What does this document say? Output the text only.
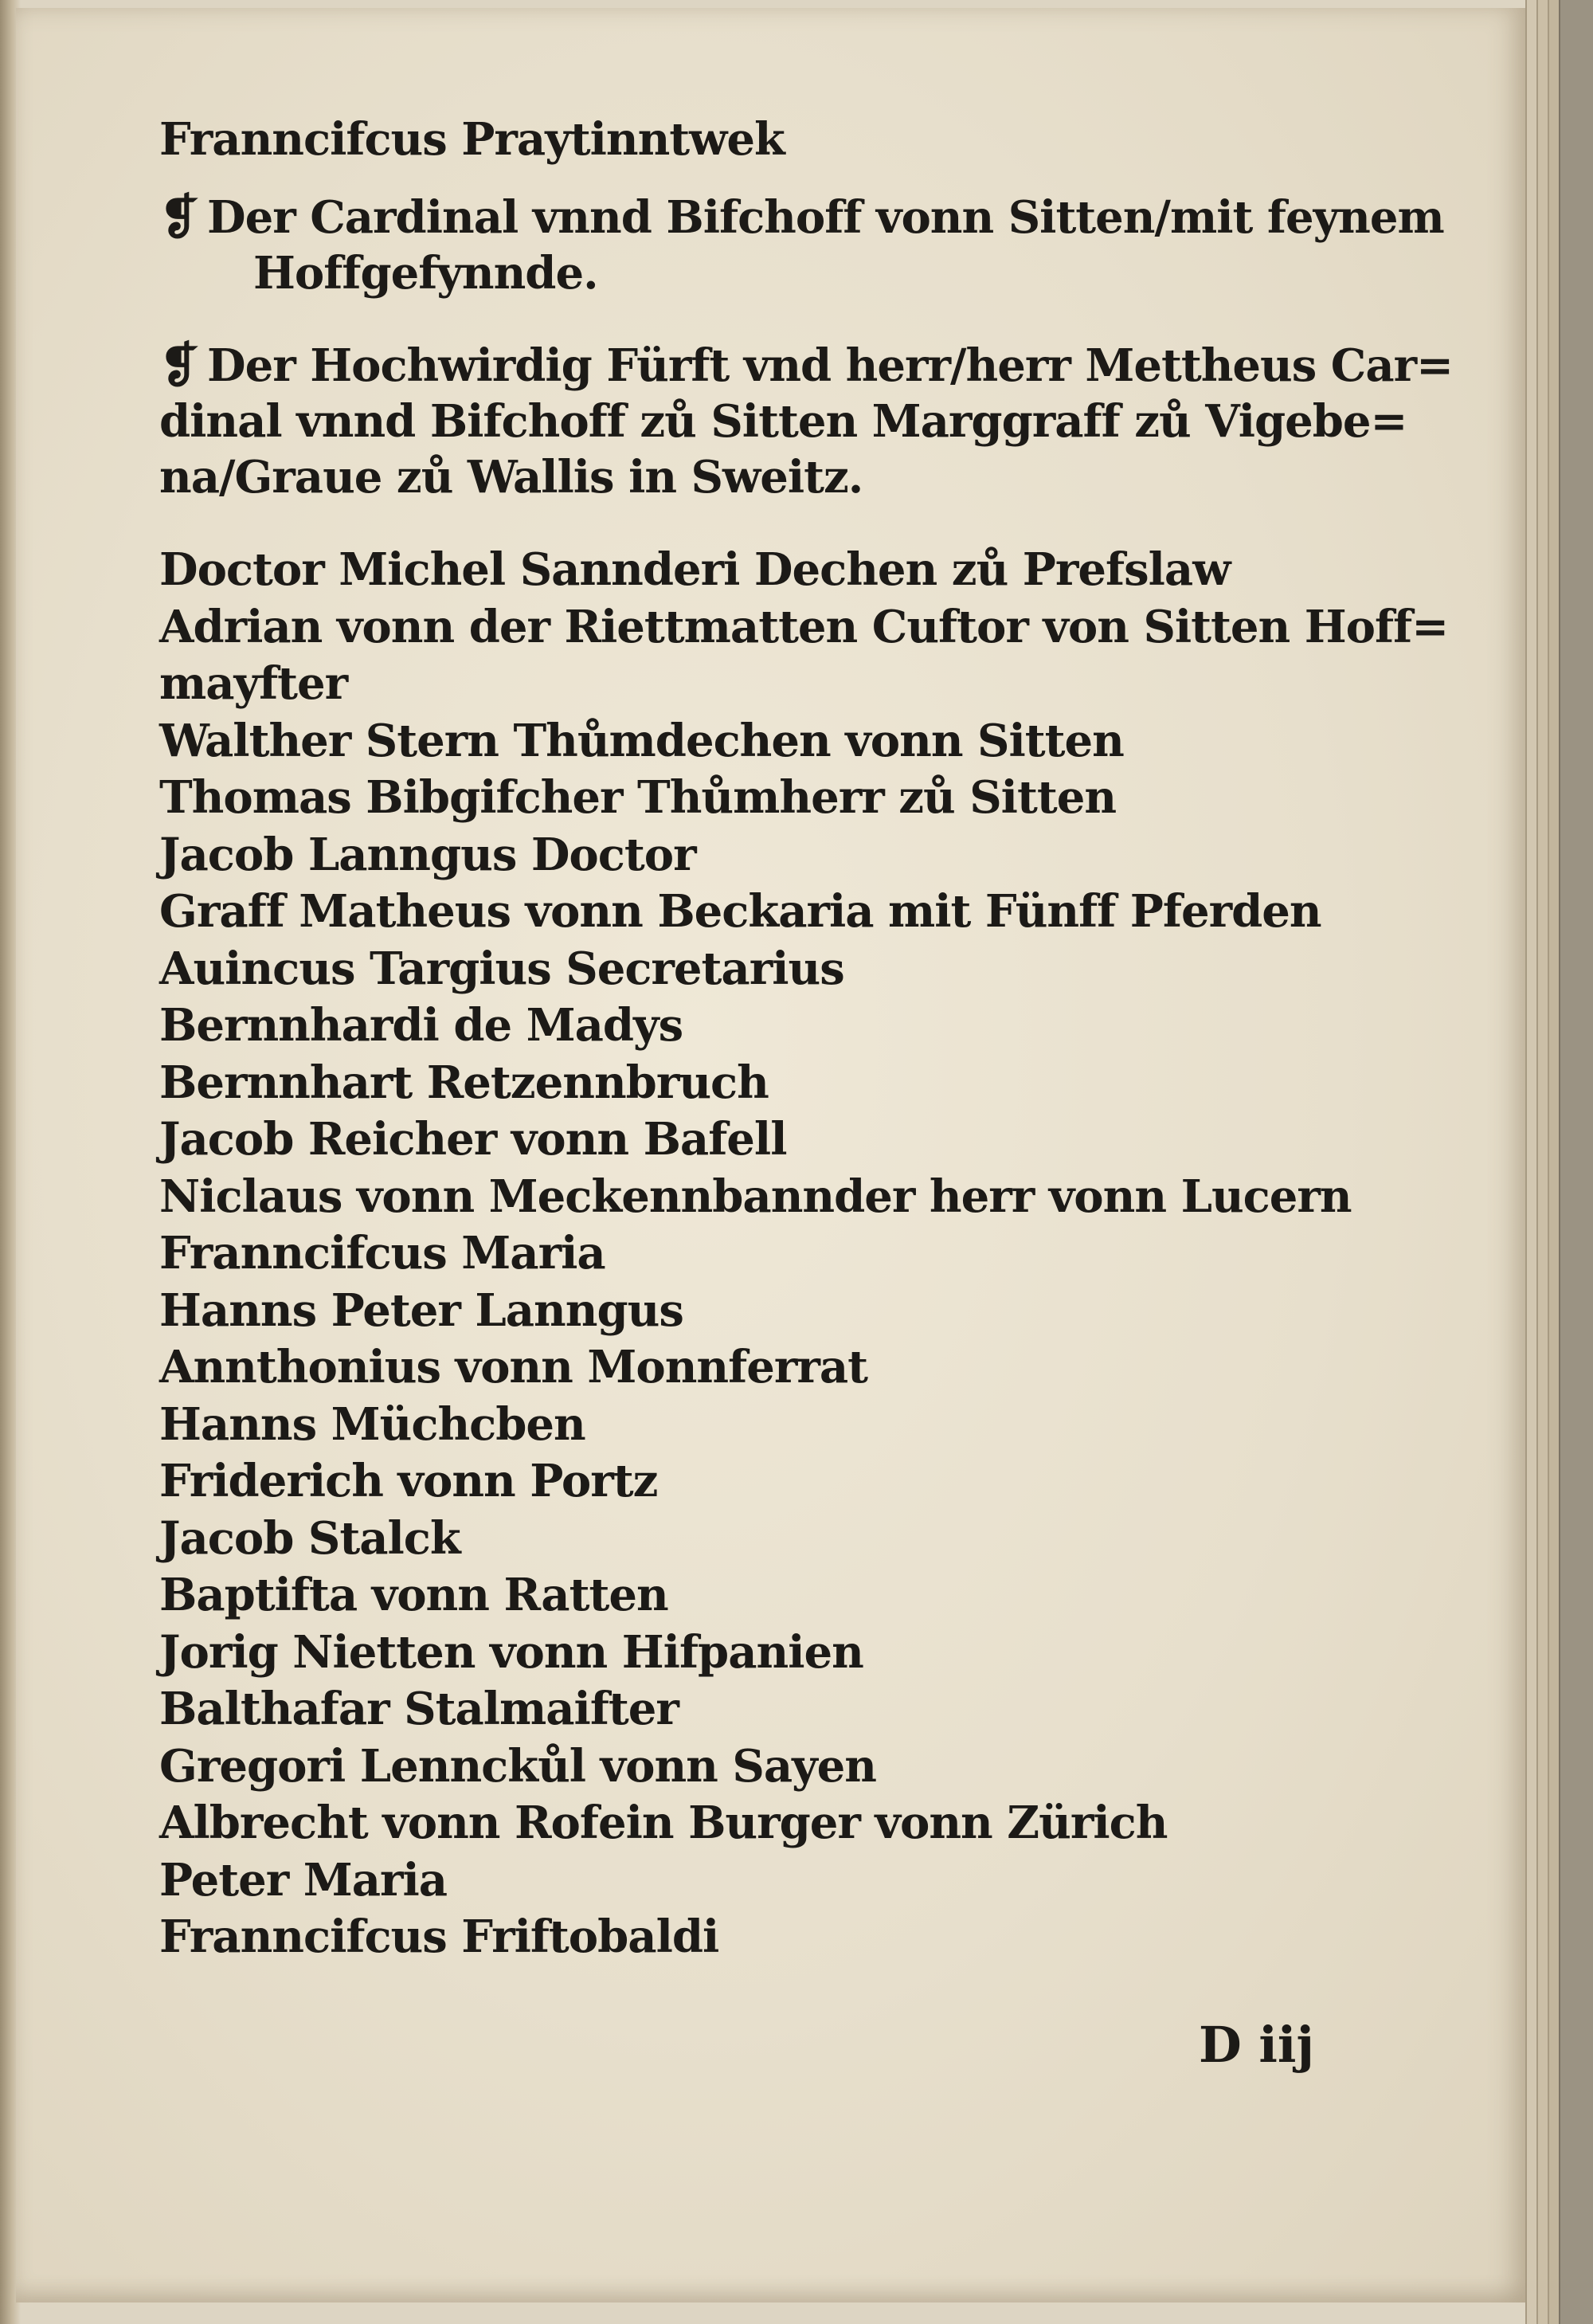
Franncifcus Praytinntwek
❡ Der Cardinal vnnd Bifchoff vonn Sitten/mit feynem
Hoffgefynnde.
❡ Der Hochwirdig Fürft vnd herr/herr Mettheus Car=
dinal vnnd Bifchoff zů Sitten Marggraff zů Vigebe=
na/Graue zů Wallis in Sweitz.
Doctor Michel Sannderi Dechen zů Prefslaw
Adrian vonn der Riettmatten Cuftor von Sitten Hoff=
mayfter
Walther Stern Thůmdechen vonn Sitten
Thomas Bibgifcher Thůmherr zů Sitten
Jacob Lanngus Doctor
Graff Matheus vonn Beckaria mit Fünff Pferden
Auincus Targius Secretarius
Bernnhardi de Madys
Bernnhart Retzennbruch
Jacob Reicher vonn Bafell
Niclaus vonn Meckennbannder herr vonn Lucern
Franncifcus Maria
Hanns Peter Lanngus
Annthonius vonn Monnferrat
Hanns Müchcben
Friderich vonn Portz
Jacob Stalck
Baptifta vonn Ratten
Jorig Nietten vonn Hifpanien
Balthafar Stalmaifter
Gregori Lennckůl vonn Sayen
Albrecht vonn Rofein Burger vonn Zürich
Peter Maria
Franncifcus Friftobaldi
D iij
